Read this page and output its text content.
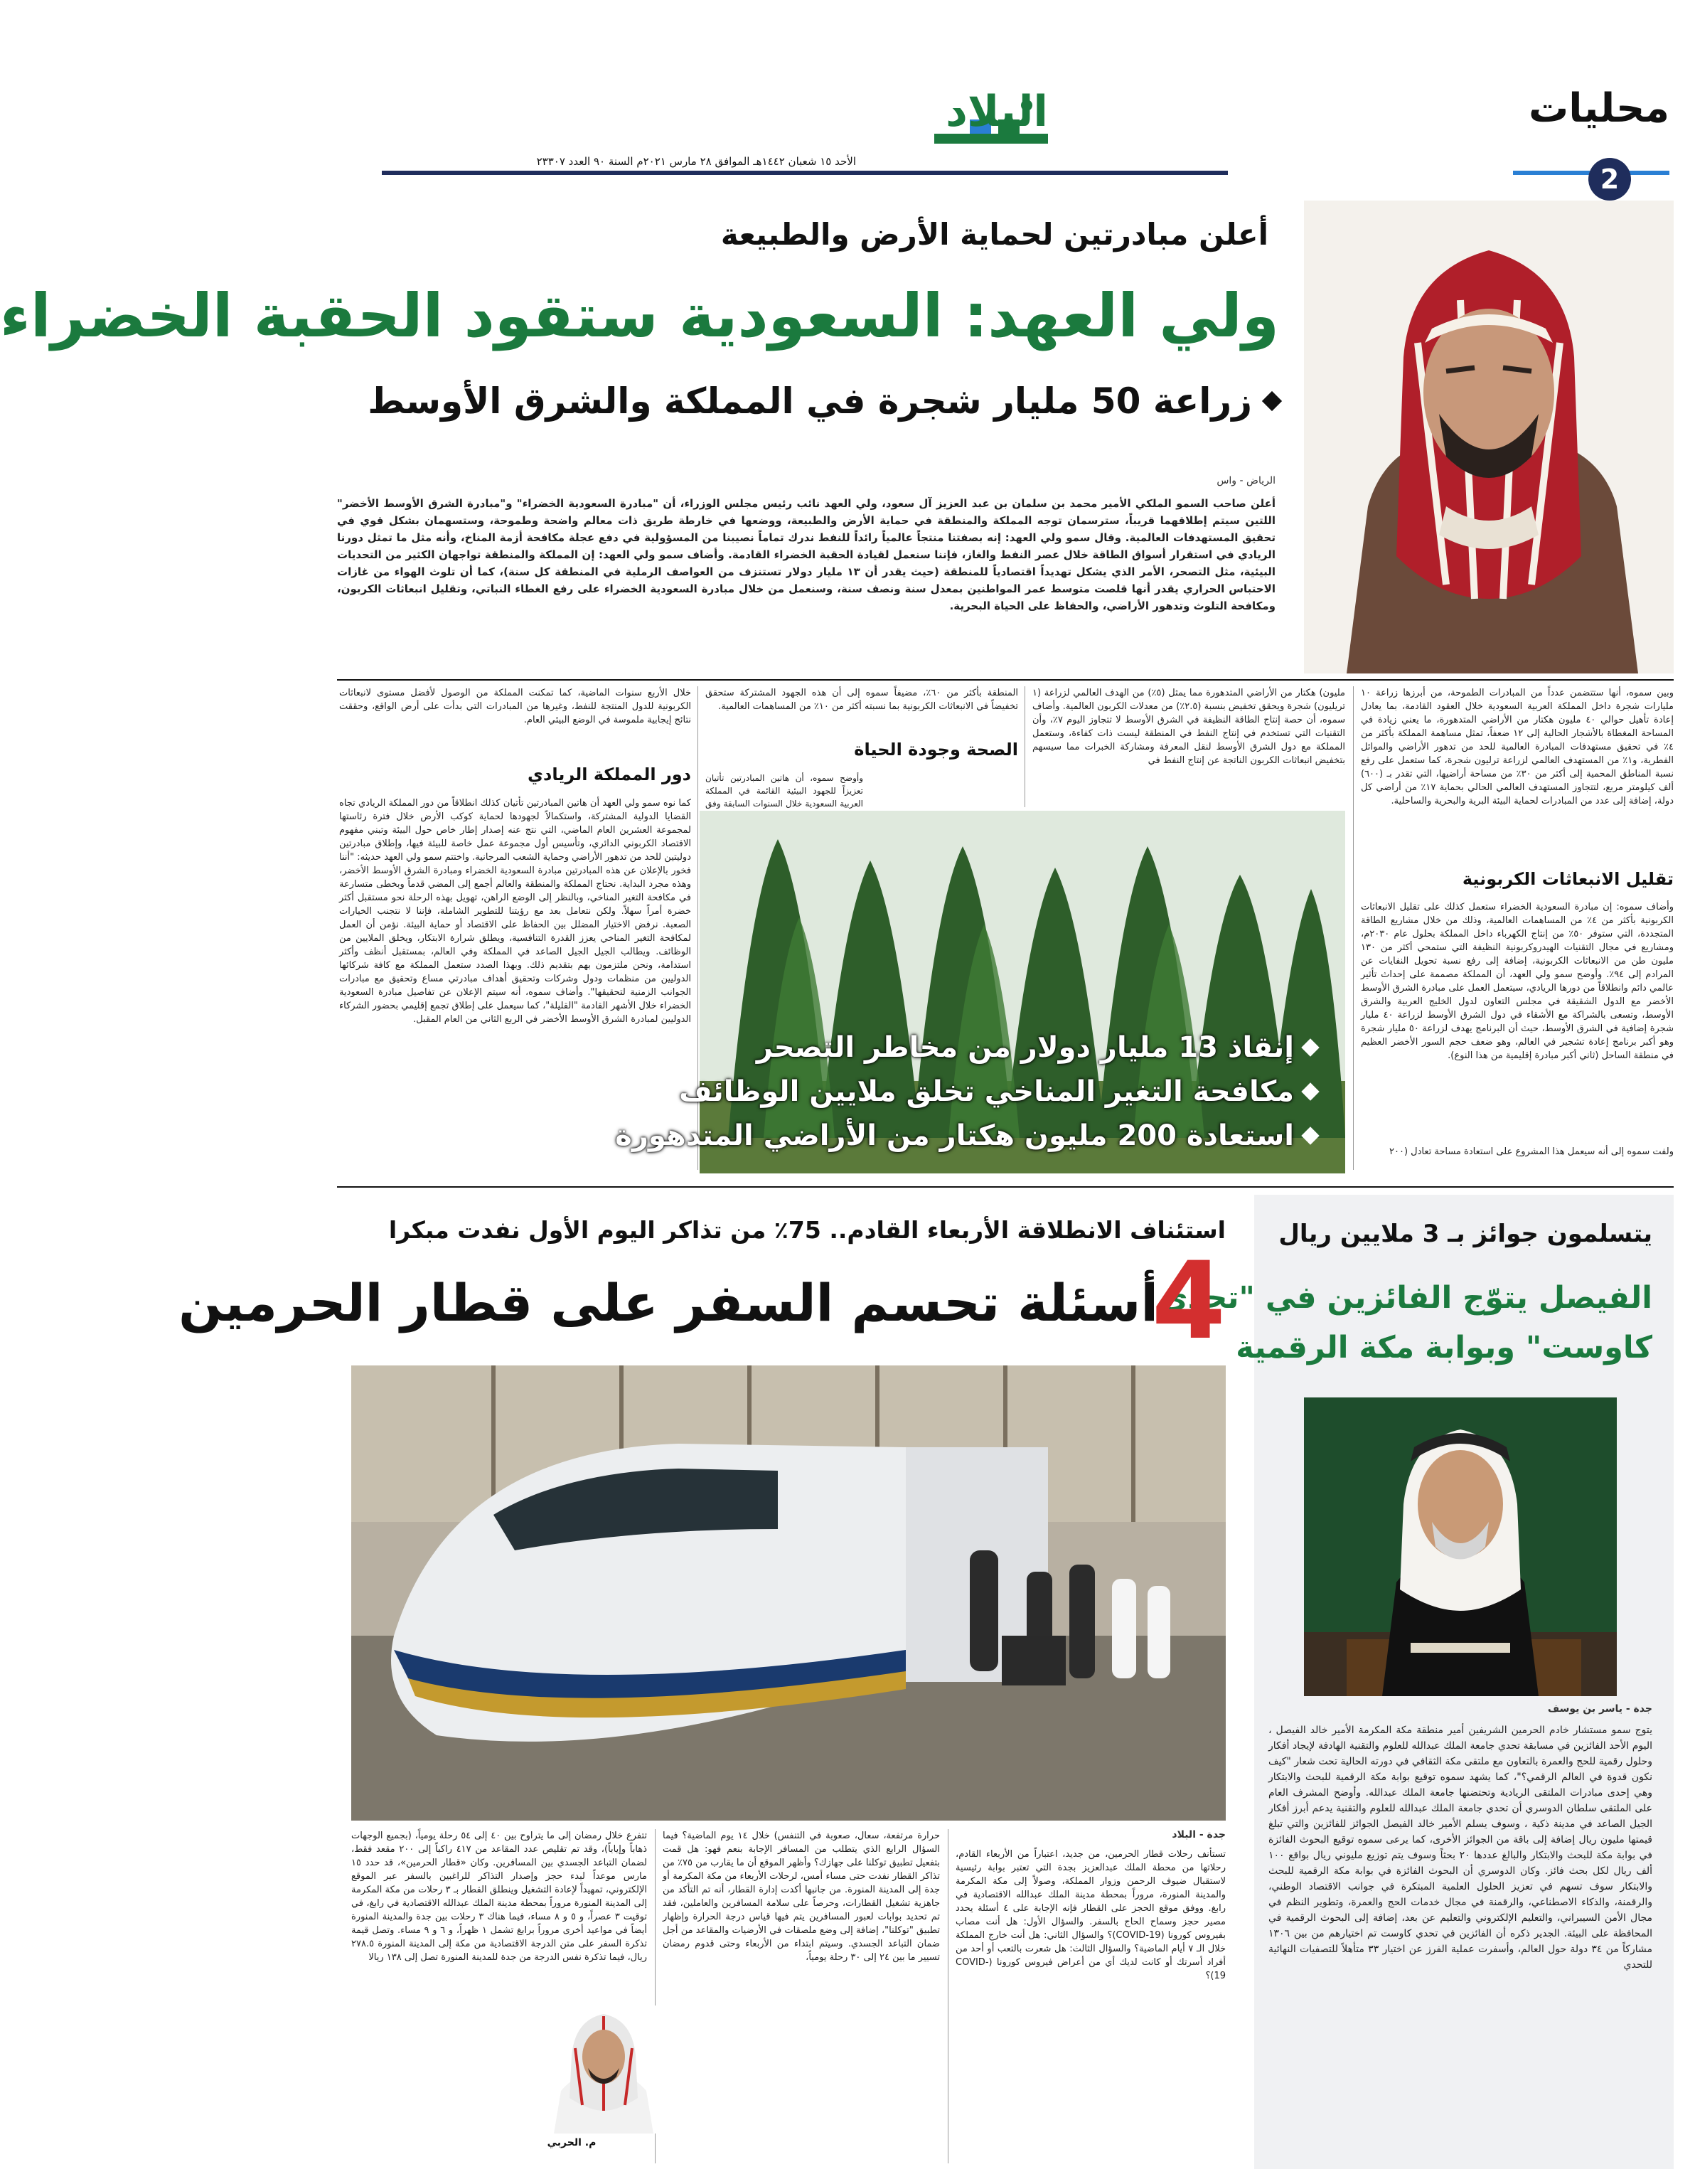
محليات
2
البلاد
الأحد ١٥ شعبان ١٤٤٢هـ الموافق ٢٨ مارس ٢٠٢١م السنة ٩٠ العدد ٢٣٣٠٧
أعلن مبادرتين لحماية الأرض والطبيعة
ولي العهد: السعودية ستقود الحقبة الخضراء
زراعة 50 مليار شجرة في المملكة والشرق الأوسط
الرياض - واس
أعلن صاحب السمو الملكي الأمير محمد بن سلمان بن عبد العزيز آل سعود، ولي العهد نائب رئيس مجلس الوزراء، أن "مبادرة السعودية الخضراء" و"مبادرة الشرق الأوسط الأخضر" اللتين سيتم إطلاقهما قريباً، سترسمان توجه المملكة والمنطقة في حماية الأرض والطبيعة، ووضعها في خارطة طريق ذات معالم واضحة وطموحة، وستسهمان بشكل قوي في تحقيق المستهدفات العالمية. وقال سمو ولي العهد: إنه بصفتنا منتجاً عالمياً رائداً للنفط ندرك تماماً نصيبنا من المسؤولية في دفع عجلة مكافحة أزمة المناخ، وأنه مثل ما تمثل دورنا الريادي في استقرار أسواق الطاقة خلال عصر النفط والغاز، فإننا سنعمل لقيادة الحقبة الخضراء القادمة. وأضاف سمو ولي العهد: إن المملكة والمنطقة تواجهان الكثير من التحديات البيئية، مثل التصحر، الأمر الذي يشكل تهديداً اقتصادياً للمنطقة (حيث يقدر أن ١٣ مليار دولار تستنزف من العواصف الرملية في المنطقة كل سنة)، كما أن تلوث الهواء من غازات الاحتباس الحراري يقدر أنها قلصت متوسط عمر المواطنين بمعدل سنة ونصف سنة، وسنعمل من خلال مبادرة السعودية الخضراء على رفع الغطاء النباتي، وتقليل انبعاثات الكربون، ومكافحة التلوث وتدهور الأراضي، والحفاظ على الحياة البحرية.
وبين سموه، أنها ستتضمن عدداً من المبادرات الطموحة، من أبرزها زراعة ١٠ مليارات شجرة داخل المملكة العربية السعودية خلال العقود القادمة، بما يعادل إعادة تأهيل حوالي ٤٠ مليون هكتار من الأراضي المتدهورة، ما يعني زيادة في المساحة المغطاة بالأشجار الحالية إلى ١٢ ضعفاً، تمثل مساهمة المملكة بأكثر من ٤٪ في تحقيق مستهدفات المبادرة العالمية للحد من تدهور الأراضي والموائل الفطرية، و١٪ من المستهدف العالمي لزراعة ترليون شجرة، كما ستعمل على رفع نسبة المناطق المحمية إلى أكثر من ٣٠٪ من مساحة أراضيها، التي تقدر بـ (٦٠٠) ألف كيلومتر مربع، لتتجاوز المستهدف العالمي الحالي بحماية ١٧٪ من أراضي كل دولة، إضافة إلى عدد من المبادرات لحماية البيئة البرية والبحرية والساحلية.
تقليل الانبعاثات الكربونية
وأضاف سموه: إن مبادرة السعودية الخضراء ستعمل كذلك على تقليل الانبعاثات الكربونية بأكثر من ٤٪ من المساهمات العالمية، وذلك من خلال مشاريع الطاقة المتجددة، التي ستوفر ٥٠٪ من إنتاج الكهرباء داخل المملكة بحلول عام ٢٠٣٠م، ومشاريع في مجال التقنيات الهيدروكربونية النظيفة التي ستمحي أكثر من ١٣٠ مليون طن من الانبعاثات الكربونية، إضافة إلى رفع نسبة تحويل النفايات عن المرادم إلى ٩٤٪. وأوضح سمو ولي العهد، أن المملكة مصممة على إحداث تأثير عالمي دائم وانطلاقاً من دورها الريادي، سيتعمل العمل على مبادرة الشرق الأوسط الأخضر مع الدول الشقيقة في مجلس التعاون لدول الخليج العربية والشرق الأوسط، وتسعى بالشراكة مع الأشقاء في دول الشرق الأوسط لزراعة ٤٠ مليار شجرة إضافية في الشرق الأوسط، حيث أن البرنامج يهدف لزراعة ٥٠ مليار شجرة وهو أكبر برنامج إعادة تشجير في العالم، وهو ضعف حجم السور الأخضر العظيم في منطقة الساحل (ثاني أكبر مبادرة إقليمية من هذا النوع).
ولفت سموه إلى أنه سيعمل هذا المشروع على استعادة مساحة تعادل (٢٠٠
مليون) هكتار من الأراضي المتدهورة مما يمثل (٥٪) من الهدف العالمي لزراعة (١ تريليون) شجرة ويحقق تخفيض بنسبة (٢.٥٪) من معدلات الكربون العالمية. وأضاف سموه، أن حصة إنتاج الطاقة النظيفة في الشرق الأوسط لا تتجاوز اليوم ٧٪، وأن التقنيات التي تستخدم في إنتاج النفط في المنطقة ليست ذات كفاءة، وستعمل المملكة مع دول الشرق الأوسط لنقل المعرفة ومشاركة الخبرات مما سيسهم بتخفيض انبعاثات الكربون الناتجة عن إنتاج النفط في
المنطقة بأكثر من ٦٠٪، مضيفاً سموه إلى أن هذه الجهود المشتركة ستحقق تخفيضاً في الانبعاثات الكربونية بما نسبته أكثر من ١٠٪ من المساهمات العالمية.
الصحة وجودة الحياة
وأوضح سموه، أن هاتين المبادرتين تأتيان تعزيزاً للجهود البيئية القائمة في المملكة العربية السعودية خلال السنوات السابقة وفق
خلال الأربع سنوات الماضية، كما تمكنت المملكة من الوصول لأفضل مستوى لانبعاثات الكربونية للدول المنتجة للنفط، وغيرها من المبادرات التي بدأت على أرض الواقع، وحققت نتائج إيجابية ملموسة في الوضع البيئي العام.
دور المملكة الريادي
كما نوه سمو ولي العهد أن هاتين المبادرتين تأتيان كذلك انطلاقاً من دور المملكة الريادي تجاه القضايا الدولية المشتركة، واستكمالاً لجهودها لحماية كوكب الأرض خلال فترة رئاستها لمجموعة العشرين العام الماضي، التي نتج عنه إصدار إطار خاص حول البيئة وتبني مفهوم الاقتصاد الكربوني الدائري، وتأسيس أول مجموعة عمل خاصة للبيئة فيها، وإطلاق مبادرتين دوليتين للحد من تدهور الأراضي وحماية الشعب المرجانية. واختتم سمو ولي العهد حديثه: "أننا فخور بالإعلان عن هذه المبادرتين مبادرة السعودية الخضراء ومبادرة الشرق الأوسط الأخضر، وهذه مجرد البداية. نحتاج المملكة والمنطقة والعالم أجمع إلى المضي قدماً وبخطى متسارعة في مكافحة التغير المناخي، وبالنظر إلى الوضع الراهن، تهويل بهذه الرحلة نحو مستقبل أكثر خضرة أمراً سهلاً. ولكن نتعامل بعد مع رؤيتنا للتطوير الشاملة، فإننا لا نتجنب الخيارات الصعبة. نرفض الاختيار المضلل بين الحفاظ على الاقتصاد أو حماية البيئة. نؤمن أن العمل لمكافحة التغير المناخي يعزز القدرة التنافسية، ويطلق شرارة الابتكار، ويخلق الملايين من الوظائف. ويطالب الجيل الجيل الصاعد في المملكة وفي العالم، بمستقبل أنظف وأكثر استدامة، ونحن ملتزمون بهم بتقديم ذلك. وبهذا الصدد ستعمل المملكة مع كافة شركائها الدوليين من منظمات ودول وشركات وتحقيق أهداف مبادرتي مساع وتحقيق مع مبادرات الجوانب الزمنية لتحقيقها". وأضاف سموه، أنه سيتم الإعلان عن تفاصيل مبادرة السعودية الخضراء خلال الأشهر القادمة "القليلة"، كما سيعمل على إطلاق تجمع إقليمي بحضور الشركاء الدوليين لمبادرة الشرق الأوسط الأخضر في الربع الثاني من العام المقبل.
إنقاذ 13 مليار دولار من مخاطر التصحر
مكافحة التغير المناخي تخلق ملايين الوظائف
استعادة 200 مليون هكتار من الأراضي المتدهورة
يتسلمون جوائز بـ 3 ملايين ريال
الفيصل يتوّج الفائزين في "تحدي
كاوست" وبوابة مكة الرقمية
جدة - ياسر بن يوسف
يتوج سمو مستشار خادم الحرمين الشريفين أمير منطقة مكة المكرمة الأمير خالد الفيصل ، اليوم الأحد الفائزين في مسابقة تحدي جامعة الملك عبدالله للعلوم والتقنية الهادفة لإيجاد أفكار وحلول رقمية للحج والعمرة بالتعاون مع ملتقى مكة الثقافي في دورته الحالية تحت شعار "كيف نكون قدوة في العالم الرقمي؟"، كما يشهد سموه توقيع بوابة مكة الرقمية للبحث والابتكار وهي إحدى مبادرات الملتقى الريادية وتحتضنها جامعة الملك عبدالله. وأوضح المشرف العام على الملتقى سلطان الدوسري أن تحدي جامعة الملك عبدالله للعلوم والتقنية يدعم أبرز أفكار الجيل الصاعد في مدينة ذكية ، وسوف يسلم الأمير خالد الفيصل الجوائز للفائزين والتي تبلغ قيمتها مليون ريال إضافة إلى باقة من الجوائز الأخرى، كما يرعى سموه توقيع البحوث الفائزة في بوابة مكة للبحث والابتكار والبالغ عددها ٢٠ بحثاً وسوف يتم توزيع مليوني ريال بواقع ١٠٠ ألف ريال لكل بحث فائز. وكان الدوسري أن البحوث الفائزة في بوابة مكة الرقمية للبحث والابتكار سوف تسهم في تعزيز الحلول العلمية المبتكرة في جوانب الاقتصاد الوطني، والرقمنة، والذكاء الاصطناعي، والرقمنة في مجال خدمات الحج والعمرة، وتطوير النظم في مجال الأمن السيبراني، والتعليم الإلكتروني والتعليم عن بعد، إضافة إلى البحوث الرقمية في المحافظة على البيئة. الجدير ذكره أن الفائزين في تحدي كاوست تم اختيارهم من بين ١٣٠٦ مشاركاً من ٣٤ دولة حول العالم، وأسفرت عملية الفرز عن اختيار ٣٣ متأهلاً للتصفيات النهائية للتحدي
استئناف الانطلاقة الأربعاء القادم.. 75٪ من تذاكر اليوم الأول نفدت مبكرا
4
أسئلة تحسم السفر على قطار الحرمين
جدة - البلاد
تستأنف رحلات قطار الحرمين، من جديد، اعتباراً من الأربعاء القادم، رحلاتها من محطة الملك عبدالعزيز بجدة التي تعتبر بوابة رئيسية لاستقبال ضيوف الرحمن وزوار المملكة، وصولاً إلى مكة المكرمة والمدينة المنورة، مروراً بمحطة مدينة الملك عبدالله الاقتصادية في رابغ. ووفق موقع الحجز على القطار فإنه الإجابة على ٤ أسئلة يحدد مصير حجز وسماح الحاج بالسفر. والسؤال الأول: هل أنت مصاب بفيروس كورونا (COVID-19)؟ والسؤال الثاني: هل أنت خارج المملكة خلال الـ ٧ أيام الماضية؟ والسؤال الثالث: هل شعرت بالتعب أو أحد من أفراد أسرتك أو كانت لديك أي من أعراض فيروس كورونا (COVID-19)؟
حرارة مرتفعة، سعال، صعوبة في التنفس) خلال ١٤ يوم الماضية؟ فيما السؤال الرابع الذي يتطلب من المسافر الإجابة بنعم فهو: هل قمت بتفعيل تطبيق توكلنا على جهازك؟ وأظهر الموقع أن ما يقارب من ٧٥٪ من تذاكر القطار نفدت حتى مساء أمس، لرحلات الأربعاء من مكة المكرمة أو جدة إلى المدينة المنورة. من جانبها أكدت إدارة القطار، أنه تم التأكد من جاهزية تشغيل القطارات، وحرصاً على سلامة المسافرين والعاملين، فقد تم تحديد بوابات لعبور المسافرين يتم فيها قياس درجة الحرارة وإظهار تطبيق "توكلنا"، إضافة إلى وضع ملصقات في الأرضيات والمقاعد من أجل ضمان التباعد الجسدي. وسيتم ابتداء من الأربعاء وحتى قدوم رمضان تسيير ما بين ٢٤ إلى ٣٠ رحلة يومياً،
تتفرع خلال رمضان إلى ما يتراوح بين ٤٠ إلى ٥٤ رحلة يومياً، (بجميع الوجهات ذهاباً وإياباً)، وقد تم تقليص عدد المقاعد من ٤١٧ راكباً إلى ٢٠٠ مقعد فقط، لضمان التباعد الجسدي بين المسافرين. وكان «قطار الحرمين»، قد حدد ١٥ مارس موعداً لبدء حجز وإصدار التذاكر للراغبين بالسفر عبر الموقع الإلكتروني، تمهيداً لإعادة التشغيل وينطلق القطار بـ ٣ رحلات من مكة المكرمة إلى المدينة المنورة مروراً بمحطة مدينة الملك عبدالله الاقتصادية في رابغ، في توقيت ٣ عصراً، و ٥ و ٨ مساء، فيما هناك ٣ رحلات بين جدة والمدينة المنورة أيضاً في مواعيد أخرى مروراً برابغ تشمل ١ ظهراً، و ٦ و ٩ مساء. وتصل قيمة تذكرة السفر على متن الدرجة الاقتصادية من مكة إلى المدينة المنورة ٢٧٨.٥ ريال، فيما تذكرة نفس الدرجة من جدة للمدينة المنورة تصل إلى ١٣٨ ريالا
م. الحربي
